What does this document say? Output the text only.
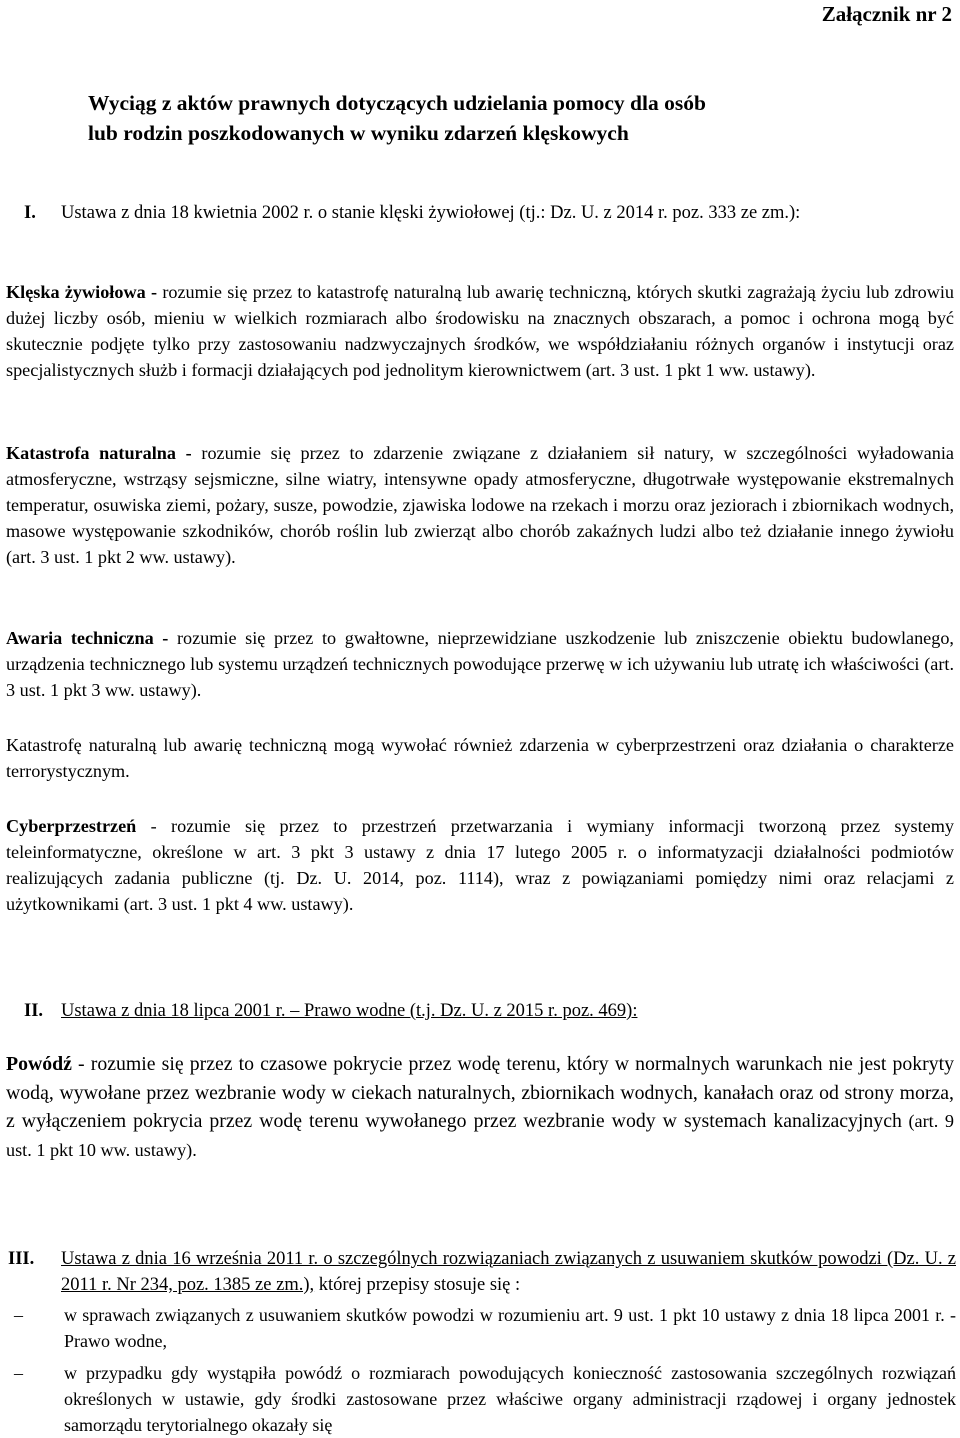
Załącznik nr 2
Wyciąg z aktów prawnych dotyczących udzielania pomocy dla osób
lub rodzin poszkodowanych w wyniku zdarzeń klęskowych
I.	Ustawa z dnia 18 kwietnia 2002 r. o stanie klęski żywiołowej (tj.: Dz. U. z 2014 r. poz. 333 ze zm.):
Klęska żywiołowa - rozumie się przez to katastrofę naturalną lub awarię techniczną, których skutki zagrażają życiu lub zdrowiu dużej liczby osób, mieniu w wielkich rozmiarach albo środowisku na znacznych obszarach, a pomoc i ochrona mogą być skutecznie podjęte tylko przy zastosowaniu nadzwyczajnych środków, we współdziałaniu różnych organów i instytucji oraz specjalistycznych służb i formacji działających pod jednolitym kierownictwem (art. 3 ust. 1 pkt 1 ww. ustawy).
Katastrofa naturalna - rozumie się przez to zdarzenie związane z działaniem sił natury, w szczególności wyładowania atmosferyczne, wstrząsy sejsmiczne, silne wiatry, intensywne opady atmosferyczne, długotrwałe występowanie ekstremalnych temperatur, osuwiska ziemi, pożary, susze, powodzie, zjawiska lodowe na rzekach i morzu oraz jeziorach i zbiornikach wodnych, masowe występowanie szkodników, chorób roślin lub zwierząt albo chorób zakaźnych ludzi albo też działanie innego żywiołu (art. 3 ust. 1 pkt 2 ww. ustawy).
Awaria techniczna - rozumie się przez to gwałtowne, nieprzewidziane uszkodzenie lub zniszczenie obiektu budowlanego, urządzenia technicznego lub systemu urządzeń technicznych powodujące przerwę w ich używaniu lub utratę ich właściwości (art. 3 ust. 1 pkt 3 ww. ustawy).
Katastrofę naturalną lub awarię techniczną mogą wywołać również zdarzenia w cyberprzestrzeni oraz działania o charakterze terrorystycznym.
Cyberprzestrzeń - rozumie się przez to przestrzeń przetwarzania i wymiany informacji tworzoną przez systemy teleinformatyczne, określone w art. 3 pkt 3 ustawy z dnia 17 lutego 2005 r. o informatyzacji działalności podmiotów realizujących zadania publiczne (tj. Dz. U. 2014, poz. 1114), wraz z powiązaniami pomiędzy nimi oraz relacjami z użytkownikami (art. 3 ust. 1 pkt 4 ww. ustawy).
II. Ustawa z dnia 18 lipca 2001 r. – Prawo wodne (t.j. Dz. U. z 2015 r. poz. 469):
Powódź - rozumie się przez to czasowe pokrycie przez wodę terenu, który w normalnych warunkach nie jest pokryty wodą, wywołane przez wezbranie wody w ciekach naturalnych, zbiornikach wodnych, kanałach oraz od strony morza, z wyłączeniem pokrycia przez wodę terenu wywołanego przez wezbranie wody w systemach kanalizacyjnych (art. 9 ust. 1 pkt 10 ww. ustawy).
III.	Ustawa z dnia 16 września 2011 r. o szczególnych rozwiązaniach związanych z usuwaniem skutków powodzi (Dz. U. z 2011 r. Nr 234, poz. 1385 ze zm.), której przepisy stosuje się :
– w sprawach związanych z usuwaniem skutków powodzi w rozumieniu art. 9 ust. 1 pkt 10 ustawy z dnia 18 lipca 2001 r. - Prawo wodne,
– w przypadku gdy wystąpiła powódź o rozmiarach powodujących konieczność zastosowania szczególnych rozwiązań określonych w ustawie, gdy środki zastosowane przez właściwe organy administracji rządowej i organy jednostek samorządu terytorialnego okazały się
